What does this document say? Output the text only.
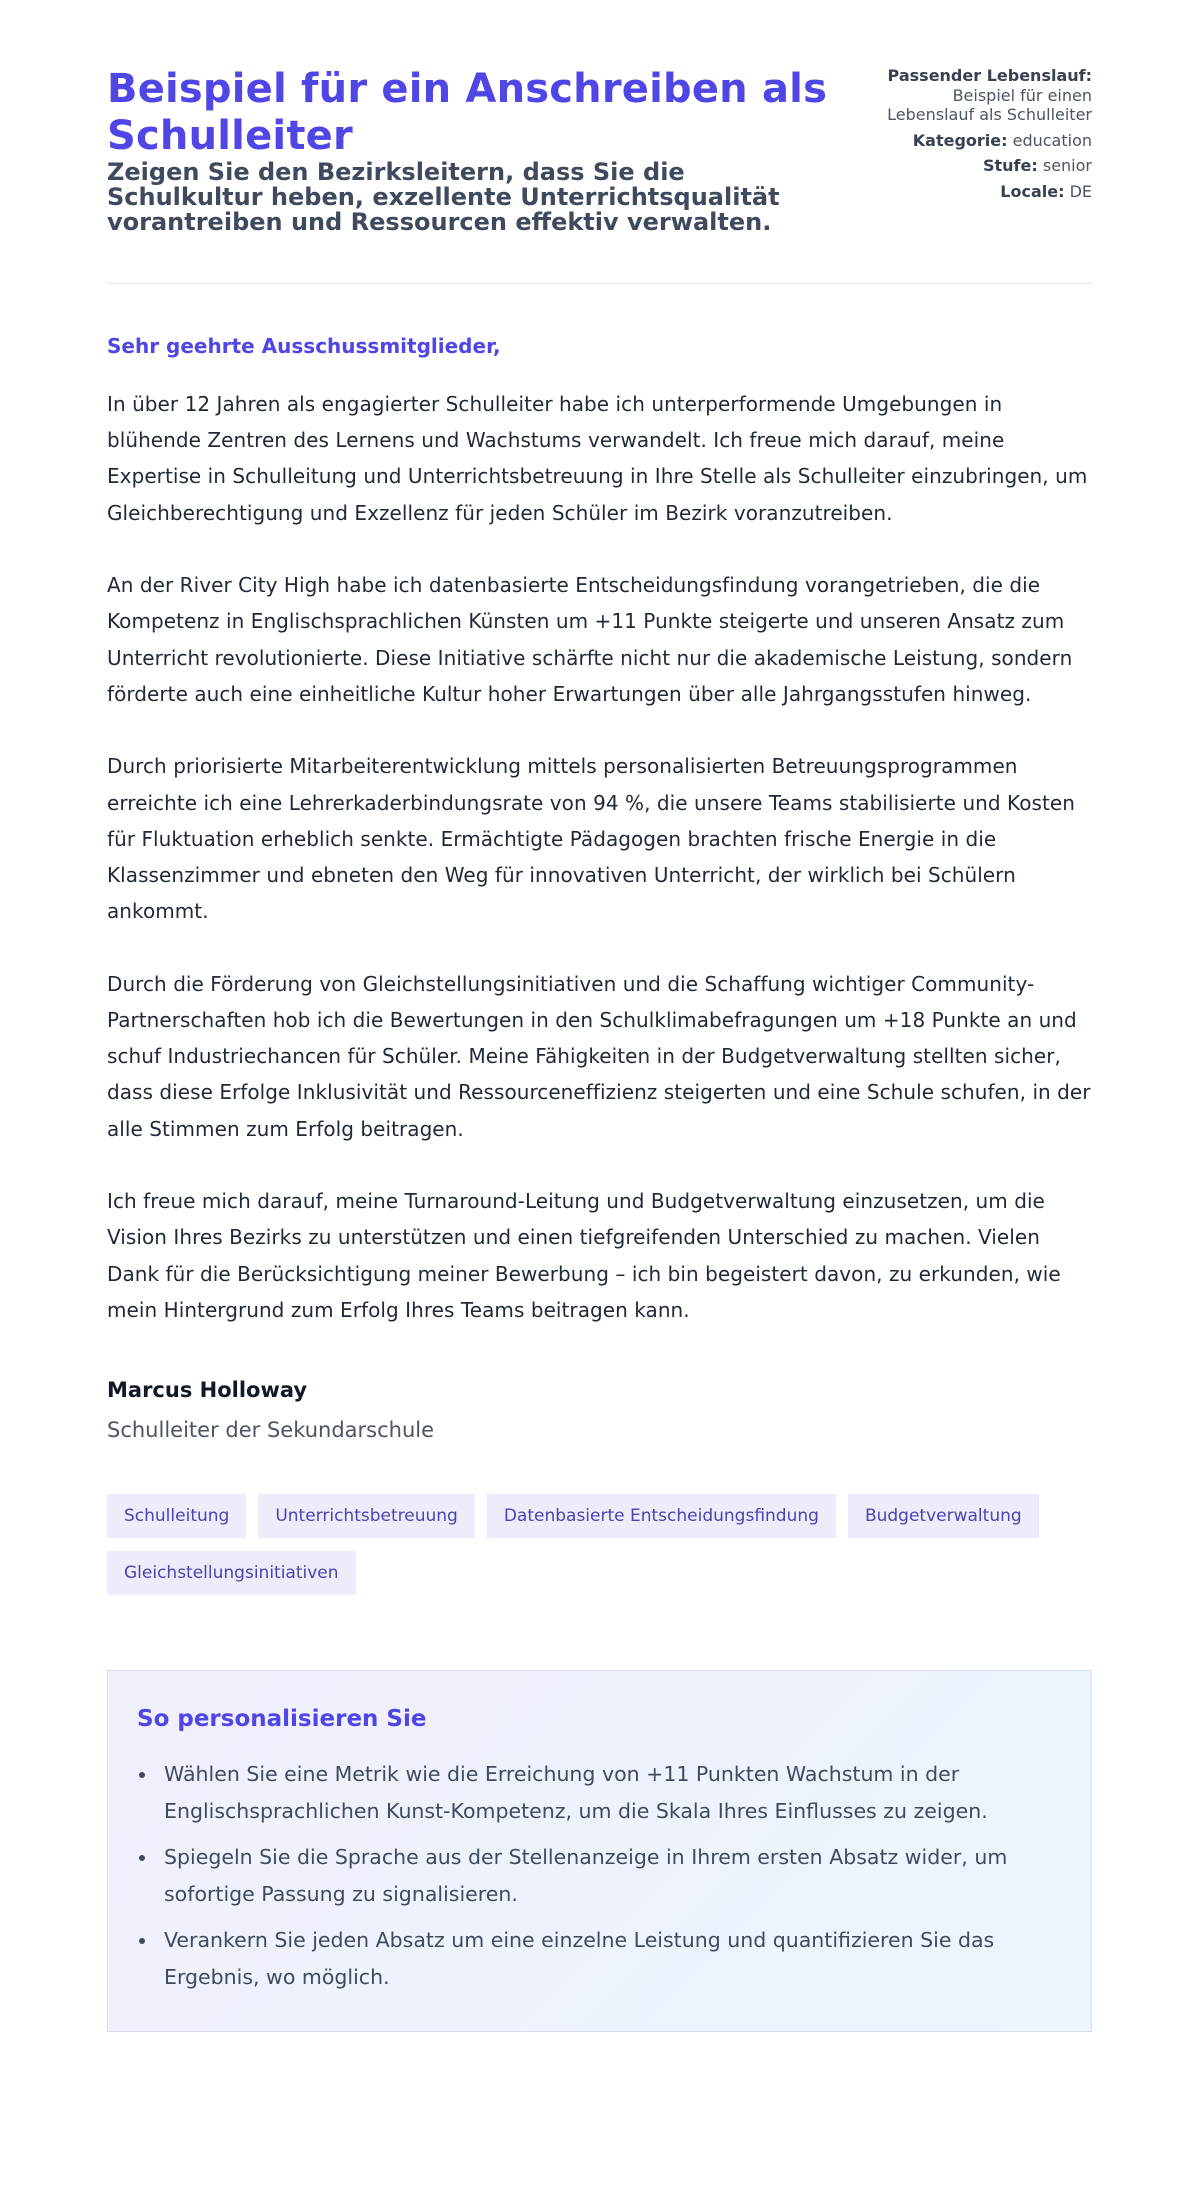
Beispiel für ein Anschreiben als Schulleiter
Zeigen Sie den Bezirksleitern, dass Sie die Schulkultur heben, exzellente Unterrichtsqualität vorantreiben und Ressourcen effektiv verwalten.
Passender Lebenslauf: Beispiel für einen Lebenslauf als Schulleiter
Kategorie: education
Stufe: senior
Locale: DE
Sehr geehrte Ausschussmitglieder,

In über 12 Jahren als engagierter Schulleiter habe ich unterperformende Umgebungen in blühende Zentren des Lernens und Wachstums verwandelt. Ich freue mich darauf, meine Expertise in Schulleitung und Unterrichtsbetreuung in Ihre Stelle als Schulleiter einzubringen, um Gleichberechtigung und Exzellenz für jeden Schüler im Bezirk voranzutreiben.

An der River City High habe ich datenbasierte Entscheidungsfindung vorangetrieben, die die Kompetenz in Englischsprachlichen Künsten um +11 Punkte steigerte und unseren Ansatz zum Unterricht revolutionierte. Diese Initiative schärfte nicht nur die akademische Leistung, sondern förderte auch eine einheitliche Kultur hoher Erwartungen über alle Jahrgangsstufen hinweg.

Durch priorisierte Mitarbeiterentwicklung mittels personalisierten Betreuungsprogrammen erreichte ich eine Lehrerkaderbindungsrate von 94 %, die unsere Teams stabilisierte und Kosten für Fluktuation erheblich senkte. Ermächtigte Pädagogen brachten frische Energie in die Klassenzimmer und ebneten den Weg für innovativen Unterricht, der wirklich bei Schülern ankommt.

Durch die Förderung von Gleichstellungsinitiativen und die Schaffung wichtiger Community-Partnerschaften hob ich die Bewertungen in den Schulklimabefragungen um +18 Punkte an und schuf Industriechancen für Schüler. Meine Fähigkeiten in der Budgetverwaltung stellten sicher, dass diese Erfolge Inklusivität und Ressourceneffizienz steigerten und eine Schule schufen, in der alle Stimmen zum Erfolg beitragen.

Ich freue mich darauf, meine Turnaround-Leitung und Budgetverwaltung einzusetzen, um die Vision Ihres Bezirks zu unterstützen und einen tiefgreifenden Unterschied zu machen. Vielen Dank für die Berücksichtigung meiner Bewerbung – ich bin begeistert davon, zu erkunden, wie mein Hintergrund zum Erfolg Ihres Teams beitragen kann.

Marcus Holloway
Schulleiter der Sekundarschule
Schulleitung	Unterrichtsbetreuung	Datenbasierte Entscheidungsfindung	Budgetverwaltung
Gleichstellungsinitiativen
So personalisieren Sie
Wählen Sie eine Metrik wie die Erreichung von +11 Punkten Wachstum in der Englischsprachlichen Kunst-Kompetenz, um die Skala Ihres Einflusses zu zeigen.
Spiegeln Sie die Sprache aus der Stellenanzeige in Ihrem ersten Absatz wider, um sofortige Passung zu signalisieren.
Verankern Sie jeden Absatz um eine einzelne Leistung und quantifizieren Sie das Ergebnis, wo möglich.
